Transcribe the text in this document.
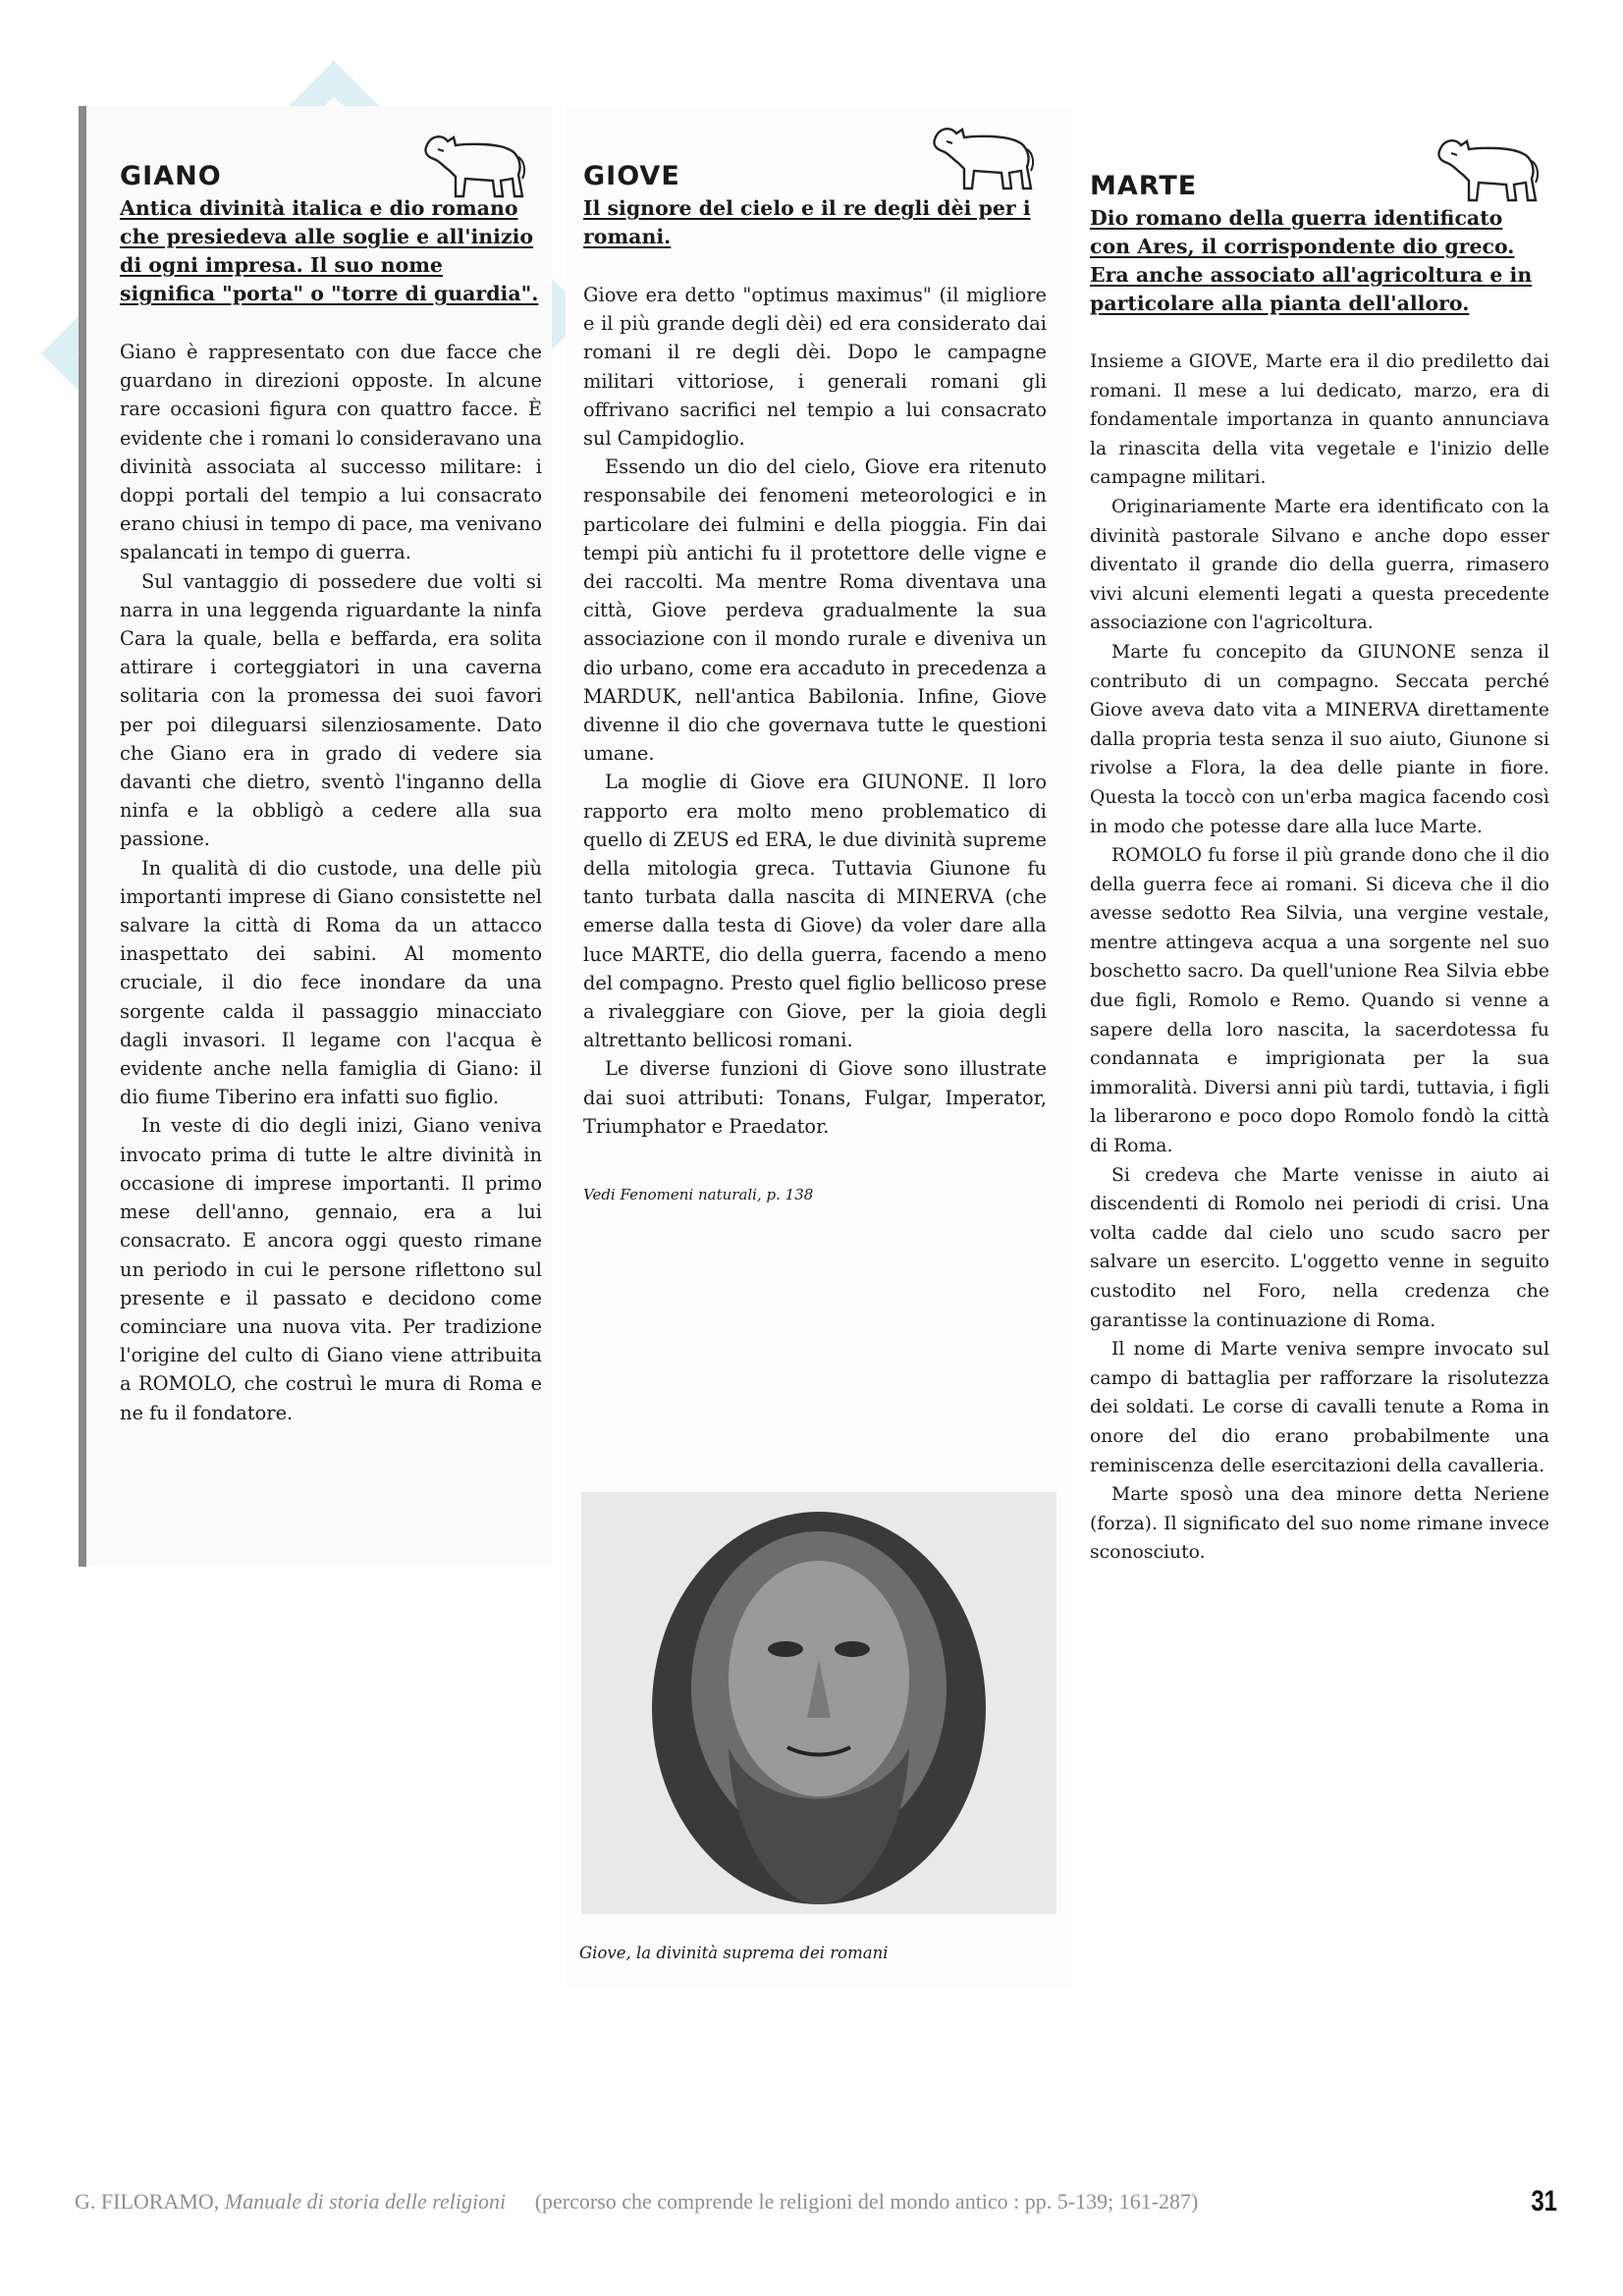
GIANO

Antica divinità italica e dio romano che presiedeva alle soglie e all'inizio di ogni impresa. Il suo nome significa "porta" o "torre di guardia".

Giano è rappresentato con due facce che guardano in direzioni opposte. In alcune rare occasioni figura con quattro facce. È evidente che i romani lo consideravano una divinità associata al successo militare: i doppi portali del tempio a lui consacrato erano chiusi in tempo di pace, ma venivano spalancati in tempo di guerra.

Sul vantaggio di possedere due volti si narra in una leggenda riguardante la ninfa Cara la quale, bella e beffarda, era solita attirare i corteggiatori in una caverna solitaria con la promessa dei suoi favori per poi dileguarsi silenziosamente. Dato che Giano era in grado di vedere sia davanti che dietro, sventò l'inganno della ninfa e la obbligò a cedere alla sua passione.

In qualità di dio custode, una delle più importanti imprese di Giano consistette nel salvare la città di Roma da un attacco inaspettato dei sabini. Al momento cruciale, il dio fece inondare da una sorgente calda il passaggio minacciato dagli invasori. Il legame con l'acqua è evidente anche nella famiglia di Giano: il dio fiume Tiberino era infatti suo figlio.

In veste di dio degli inizi, Giano veniva invocato prima di tutte le altre divinità in occasione di imprese importanti. Il primo mese dell'anno, gennaio, era a lui consacrato. E ancora oggi questo rimane un periodo in cui le persone riflettono sul presente e il passato e decidono come cominciare una nuova vita. Per tradizione l'origine del culto di Giano viene attribuita a ROMOLO, che costruì le mura di Roma e ne fu il fondatore.

GIOVE

Il signore del cielo e il re degli dèi per i romani.

Giove era detto "optimus maximus" (il migliore e il più grande degli dèi) ed era considerato dai romani il re degli dèi. Dopo le campagne militari vittoriose, i generali romani gli offrivano sacrifici nel tempio a lui consacrato sul Campidoglio.

Essendo un dio del cielo, Giove era ritenuto responsabile dei fenomeni meteorologici e in particolare dei fulmini e della pioggia. Fin dai tempi più antichi fu il protettore delle vigne e dei raccolti. Ma mentre Roma diventava una città, Giove perdeva gradualmente la sua associazione con il mondo rurale e diveniva un dio urbano, come era accaduto in precedenza a MARDUK, nell'antica Babilonia. Infine, Giove divenne il dio che governava tutte le questioni umane.

La moglie di Giove era GIUNONE. Il loro rapporto era molto meno problematico di quello di ZEUS ed ERA, le due divinità supreme della mitologia greca. Tuttavia Giunone fu tanto turbata dalla nascita di MINERVA (che emerse dalla testa di Giove) da voler dare alla luce MARTE, dio della guerra, facendo a meno del compagno. Presto quel figlio bellicoso prese a rivaleggiare con Giove, per la gioia degli altrettanto bellicosi romani.

Le diverse funzioni di Giove sono illustrate dai suoi attributi: Tonans, Fulgar, Imperator, Triumphator e Praedator.

Vedi Fenomeni naturali, p. 138

Giove, la divinità suprema dei romani
MARTE

Dio romano della guerra identificato con Ares, il corrispondente dio greco. Era anche associato all'agricoltura e in particolare alla pianta dell'alloro.

Insieme a GIOVE, Marte era il dio prediletto dai romani. Il mese a lui dedicato, marzo, era di fondamentale importanza in quanto annunciava la rinascita della vita vegetale e l'inizio delle campagne militari.

Originariamente Marte era identificato con la divinità pastorale Silvano e anche dopo esser diventato il grande dio della guerra, rimasero vivi alcuni elementi legati a questa precedente associazione con l'agricoltura.

Marte fu concepito da GIUNONE senza il contributo di un compagno. Seccata perché Giove aveva dato vita a MINERVA direttamente dalla propria testa senza il suo aiuto, Giunone si rivolse a Flora, la dea delle piante in fiore. Questa la toccò con un'erba magica facendo così in modo che potesse dare alla luce Marte.

ROMOLO fu forse il più grande dono che il dio della guerra fece ai romani. Si diceva che il dio avesse sedotto Rea Silvia, una vergine vestale, mentre attingeva acqua a una sorgente nel suo boschetto sacro. Da quell'unione Rea Silvia ebbe due figli, Romolo e Remo. Quando si venne a sapere della loro nascita, la sacerdotessa fu condannata e imprigionata per la sua immoralità. Diversi anni più tardi, tuttavia, i figli la liberarono e poco dopo Romolo fondò la città di Roma.

Si credeva che Marte venisse in aiuto ai discendenti di Romolo nei periodi di crisi. Una volta cadde dal cielo uno scudo sacro per salvare un esercito. L'oggetto venne in seguito custodito nel Foro, nella credenza che garantisse la continuazione di Roma.

Il nome di Marte veniva sempre invocato sul campo di battaglia per rafforzare la risolutezza dei soldati. Le corse di cavalli tenute a Roma in onore del dio erano probabilmente una reminiscenza delle esercitazioni della cavalleria.

Marte sposò una dea minore detta Neriene (forza). Il significato del suo nome rimane invece sconosciuto.

G. FILORAMO, Manuale di storia delle religioni (percorso che comprende le religioni del mondo antico : pp. 5-139; 161-287)	31
